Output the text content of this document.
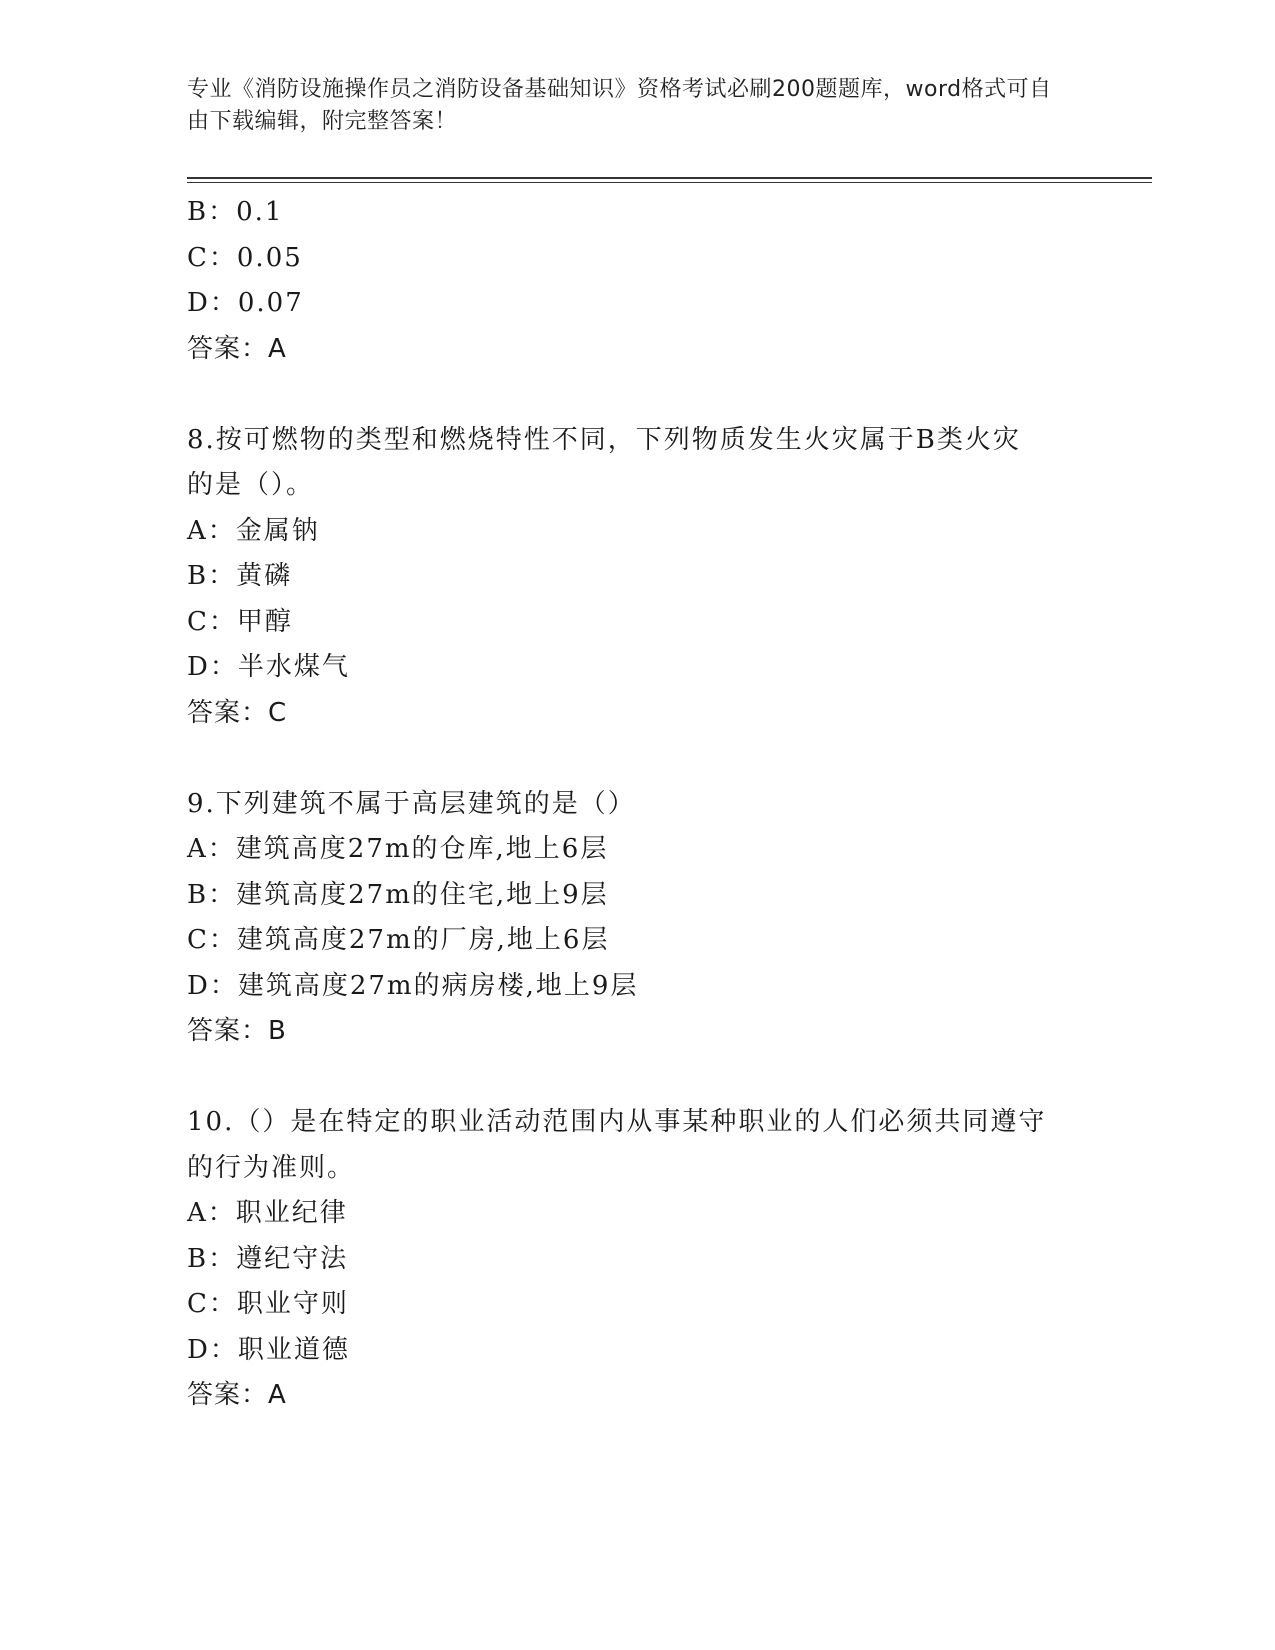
专业《消防设施操作员之消防设备基础知识》资格考试必刷200题题库，word格式可自由下载编辑，附完整答案！
B：0.1
C：0.05
D：0.07
答案：A
8.按可燃物的类型和燃烧特性不同，下列物质发生火灾属于B类火灾
的是（）。
A：金属钠
B：黄磷
C：甲醇
D：半水煤气
答案：C
9.下列建筑不属于高层建筑的是（）
A：建筑高度27m的仓库,地上6层
B：建筑高度27m的住宅,地上9层
C：建筑高度27m的厂房,地上6层
D：建筑高度27m的病房楼,地上9层
答案：B
10.（）是在特定的职业活动范围内从事某种职业的人们必须共同遵守
的行为准则。
A：职业纪律
B：遵纪守法
C：职业守则
D：职业道德
答案：A
